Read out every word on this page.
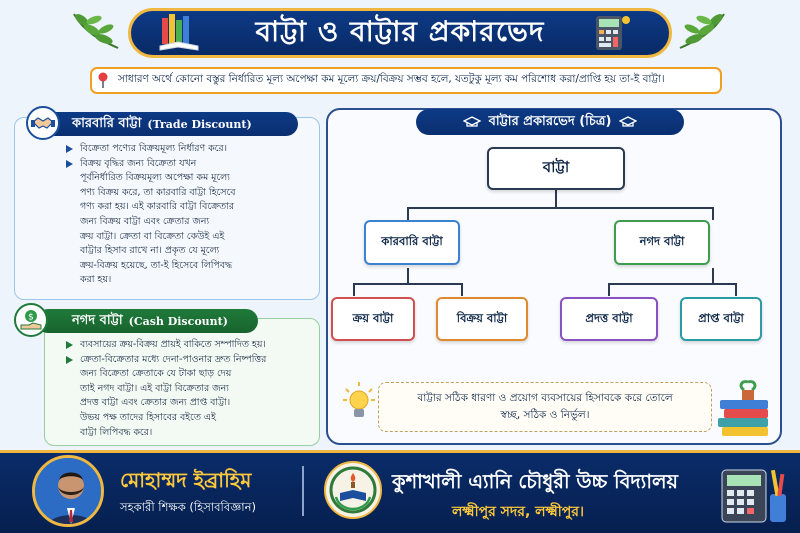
বাট্টা ও বাট্টার প্রকারভেদ
সাধারণ অর্থে কোনো বস্তুর নির্ধারিত মূল্য অপেক্ষা কম মূল্যে ক্রয়/বিক্রয় সম্ভব হলে, যতটুকু মূল্য কম পরিশোধ করা/প্রাপ্তি হয় তা-ই বাট্টা।
কারবারি বাট্টা (Trade Discount)
বিক্রেতা পণ্যের বিক্রয়মূল্য নির্ধারণ করে।
বিক্রয় বৃদ্ধির জন্য বিক্রেতা যখন
পূর্বনির্ধারিত বিক্রয়মূল্য অপেক্ষা কম মূল্যে
পণ্য বিক্রয় করে, তা কারবারি বাট্টা হিসেবে
গণ্য করা হয়। এই কারবারি বাট্টা বিক্রেতার
জন্য বিক্রয় বাট্টা এবং ক্রেতার জন্য
ক্রয় বাট্টা। ক্রেতা বা বিক্রেতা কেউই এই
বাট্টার হিসাব রাখে না। প্রকৃত যে মূল্যে
ক্রয়-বিক্রয় হয়েছে, তা-ই হিসেবে লিপিবদ্ধ
করা হয়।
নগদ বাট্টা (Cash Discount)
$
ব্যবসায়ের ক্রয়-বিক্রয় প্রায়ই বাকিতে সম্পাদিত হয়।
ক্রেতা-বিক্রেতার মধ্যে দেনা-পাওনার দ্রুত নিষ্পত্তির
জন্য বিক্রেতা ক্রেতাকে যে টাকা ছাড় দেয়
তাই নগদ বাট্টা। এই বাট্টা বিক্রেতার জন্য
প্রদত্ত বাট্টা এবং ক্রেতার জন্য প্রাপ্ত বাট্টা।
উভয় পক্ষ তাদের হিসাবের বইতে এই
বাট্টা লিপিবদ্ধ করে।
বাট্টার প্রকারভেদ (চিত্র)
বাট্টা
কারবারি বাট্টা	নগদ বাট্টা
ক্রয় বাট্টা	বিক্রয় বাট্টা	প্রদত্ত বাট্টা	প্রাপ্ত বাট্টা
বাট্টার সঠিক ধারণা ও প্রয়োগ ব্যবসায়ের হিসাবকে করে তোলে
স্বচ্ছ, সঠিক ও নির্ভুল।
মোহাম্মদ ইব্রাহিম
সহকারী শিক্ষক (হিসাববিজ্ঞান)
কুশাখালী এ্যানি চৌধুরী উচ্চ বিদ্যালয়
লক্ষ্মীপুর সদর, লক্ষ্মীপুর।
